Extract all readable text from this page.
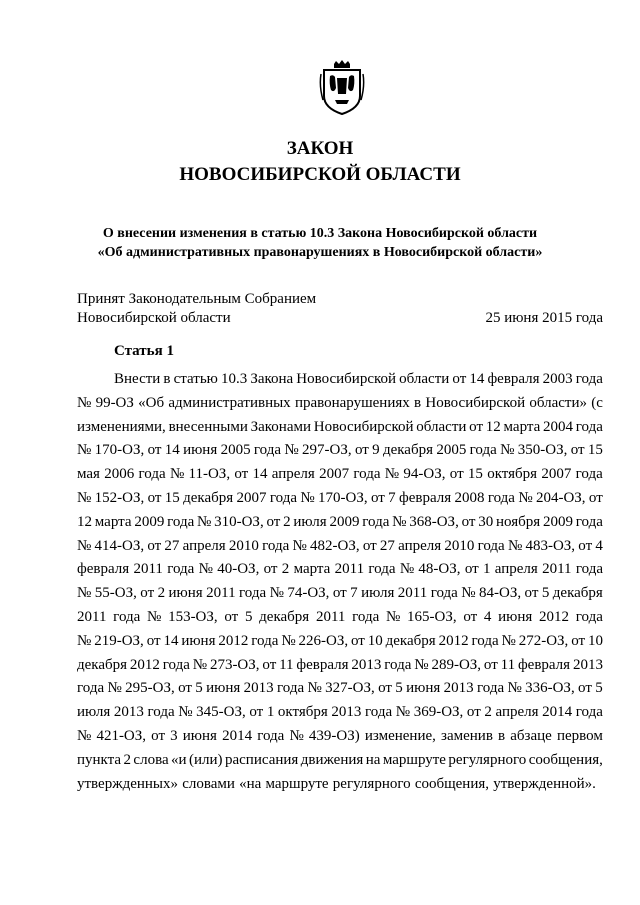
ЗАКОН
НОВОСИБИРСКОЙ ОБЛАСТИ
О внесении изменения в статью 10.3 Закона Новосибирской области
«Об административных правонарушениях в Новосибирской области»
Принят Законодательным Собранием
Новосибирской области	25 июня 2015 года
Статья 1
Внести в статью 10.3 Закона Новосибирской области от 14 февраля 2003 года
№ 99-ОЗ «Об административных правонарушениях в Новосибирской области» (с
изменениями, внесенными Законами Новосибирской области от 12 марта 2004 года
№ 170-ОЗ, от 14 июня 2005 года № 297-ОЗ, от 9 декабря 2005 года № 350-ОЗ, от 15
мая 2006 года № 11-ОЗ, от 14 апреля 2007 года № 94-ОЗ, от 15 октября 2007 года
№ 152-ОЗ, от 15 декабря 2007 года № 170-ОЗ, от 7 февраля 2008 года № 204-ОЗ, от
12 марта 2009 года № 310-ОЗ, от 2 июля 2009 года № 368-ОЗ, от 30 ноября 2009 года
№ 414-ОЗ, от 27 апреля 2010 года № 482-ОЗ, от 27 апреля 2010 года № 483-ОЗ, от 4
февраля 2011 года № 40-ОЗ, от 2 марта 2011 года № 48-ОЗ, от 1 апреля 2011 года
№ 55-ОЗ, от 2 июня 2011 года № 74-ОЗ, от 7 июля 2011 года № 84-ОЗ, от 5 декабря
2011 года № 153-ОЗ, от 5 декабря 2011 года № 165-ОЗ, от 4 июня 2012 года
№ 219-ОЗ, от 14 июня 2012 года № 226-ОЗ, от 10 декабря 2012 года № 272-ОЗ, от 10
декабря 2012 года № 273-ОЗ, от 11 февраля 2013 года № 289-ОЗ, от 11 февраля 2013
года № 295-ОЗ, от 5 июня 2013 года № 327-ОЗ, от 5 июня 2013 года № 336-ОЗ, от 5
июля 2013 года № 345-ОЗ, от 1 октября 2013 года № 369-ОЗ, от 2 апреля 2014 года
№ 421-ОЗ, от 3 июня 2014 года № 439-ОЗ) изменение, заменив в абзаце первом
пункта 2 слова «и (или) расписания движения на маршруте регулярного сообщения,
утвержденных» словами «на маршруте регулярного сообщения, утвержденной».
